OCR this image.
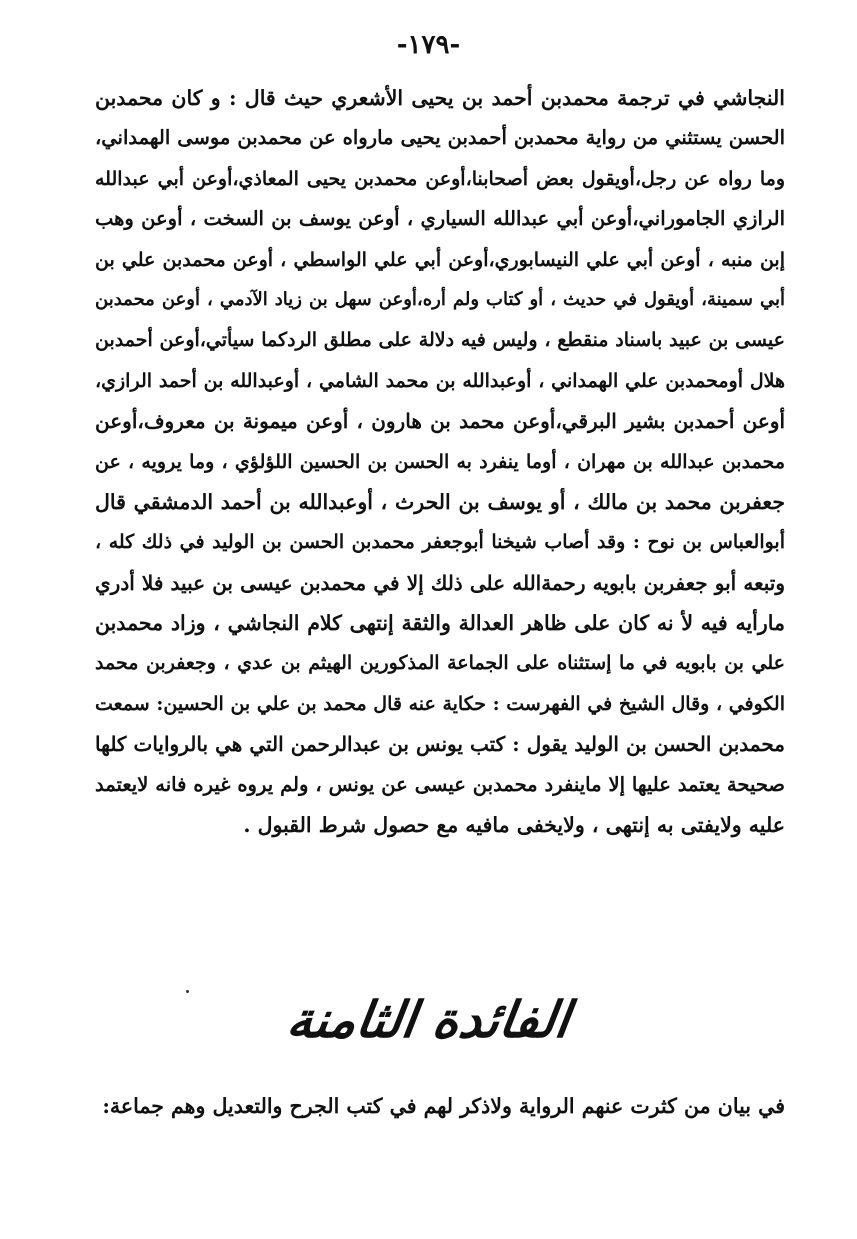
-١٧٩-
النجاشي في ترجمة محمدبن أحمد بن يحيى الأشعري حيث قال : و كان محمدبن
الحسن يستثني من رواية محمدبن أحمدبن يحيى مارواه عن محمدبن موسى الهمداني،
وما رواه عن رجل،أويقول بعض أصحابنا،أوعن محمدبن يحيى المعاذي،أوعن أبي عبدالله
الرازي الجاموراني،أوعن أبي عبدالله السياري ، أوعن يوسف بن السخت ، أوعن وهب
إبن منبه ، أوعن أبي علي النيسابوري،أوعن أبي علي الواسطي ، أوعن محمدبن علي بن
أبي سمينة، أويقول في حديث ، أو كتاب ولم أره،أوعن سهل بن زياد الآدمي ، أوعن محمدبن
عيسى بن عبيد باسناد منقطع ، وليس فيه دلالة على مطلق الردكما سيأتي،أوعن أحمدبن
هلال أومحمدبن علي الهمداني ، أوعبدالله بن محمد الشامي ، أوعبدالله بن أحمد الرازي،
أوعن أحمدبن بشير البرقي،أوعن محمد بن هارون ، أوعن ميمونة بن معروف،أوعن
محمدبن عبدالله بن مهران ، أوما ينفرد به الحسن بن الحسين اللؤلؤي ، وما يرويه ، عن
جعفربن محمد بن مالك ، أو يوسف بن الحرث ، أوعبدالله بن أحمد الدمشقي قال
أبوالعباس بن نوح : وقد أصاب شيخنا أبوجعفر محمدبن الحسن بن الوليد في ذلك كله ،
وتبعه أبو جعفربن بابويه رحمةالله على ذلك إلا في محمدبن عيسى بن عبيد فلا أدري
مارأيه فيه لأ نه كان على ظاهر العدالة والثقة إنتهى كلام النجاشي ، وزاد محمدبن
علي بن بابويه في ما إستثناه على الجماعة المذكورين الهيثم بن عدي ، وجعفربن محمد
الكوفي ، وقال الشيخ في الفهرست : حكاية عنه قال محمد بن علي بن الحسين: سمعت
محمدبن الحسن بن الوليد يقول : كتب يونس بن عبدالرحمن التي هي بالروايات كلها
صحيحة يعتمد عليها إلا ماينفرد محمدبن عيسى عن يونس ، ولم يروه غيره فانه لايعتمد
عليه ولايفتى به إنتهى ، ولايخفى مافيه مع حصول شرط القبول .
الفائدة الثامنة
في بيان من كثرت عنهم الرواية ولاذكر لهم في كتب الجرح والتعديل وهم جماعة:
